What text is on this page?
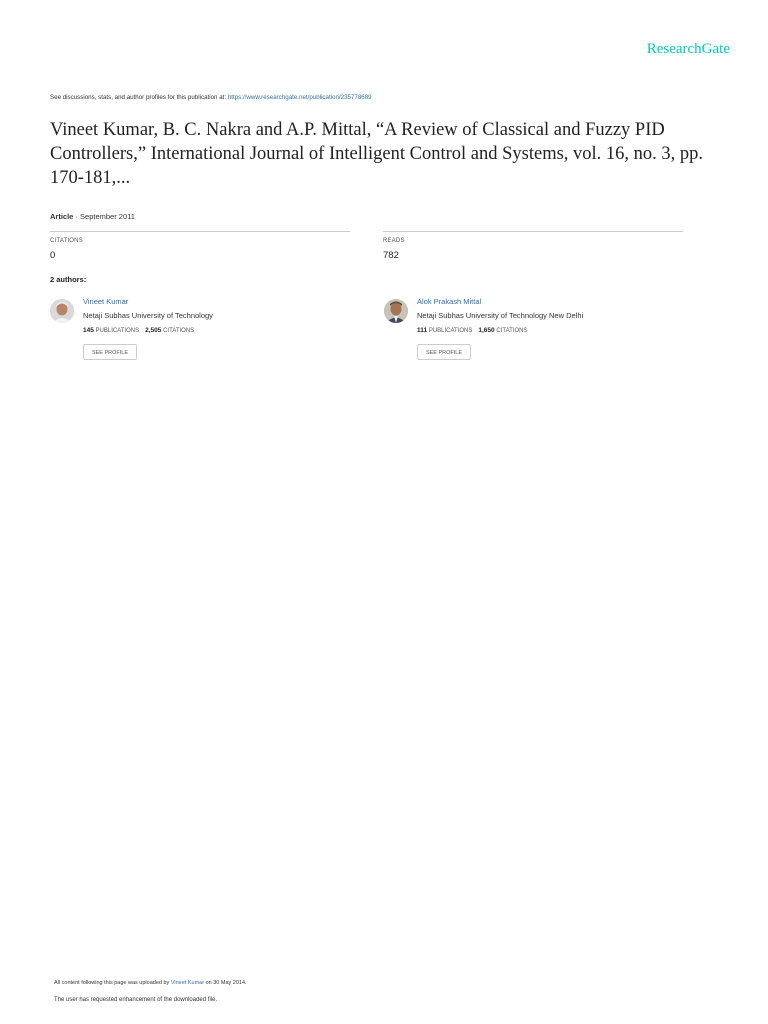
ResearchGate
See discussions, stats, and author profiles for this publication at: https://www.researchgate.net/publication/235778689
Vineet Kumar, B. C. Nakra and A.P. Mittal, “A Review of Classical and Fuzzy PID Controllers,” International Journal of Intelligent Control and Systems, vol. 16, no. 3, pp. 170-181,...
Article · September 2011
CITATIONS
0
READS
782
2 authors:
Vineet Kumar
Netaji Subhas University of Technology
145 PUBLICATIONS 2,505 CITATIONS
SEE PROFILE
Alok Prakash Mittal
Netaji Subhas University of Technology New Delhi
111 PUBLICATIONS 1,650 CITATIONS
SEE PROFILE
All content following this page was uploaded by Vineet Kumar on 30 May 2014.
The user has requested enhancement of the downloaded file.
